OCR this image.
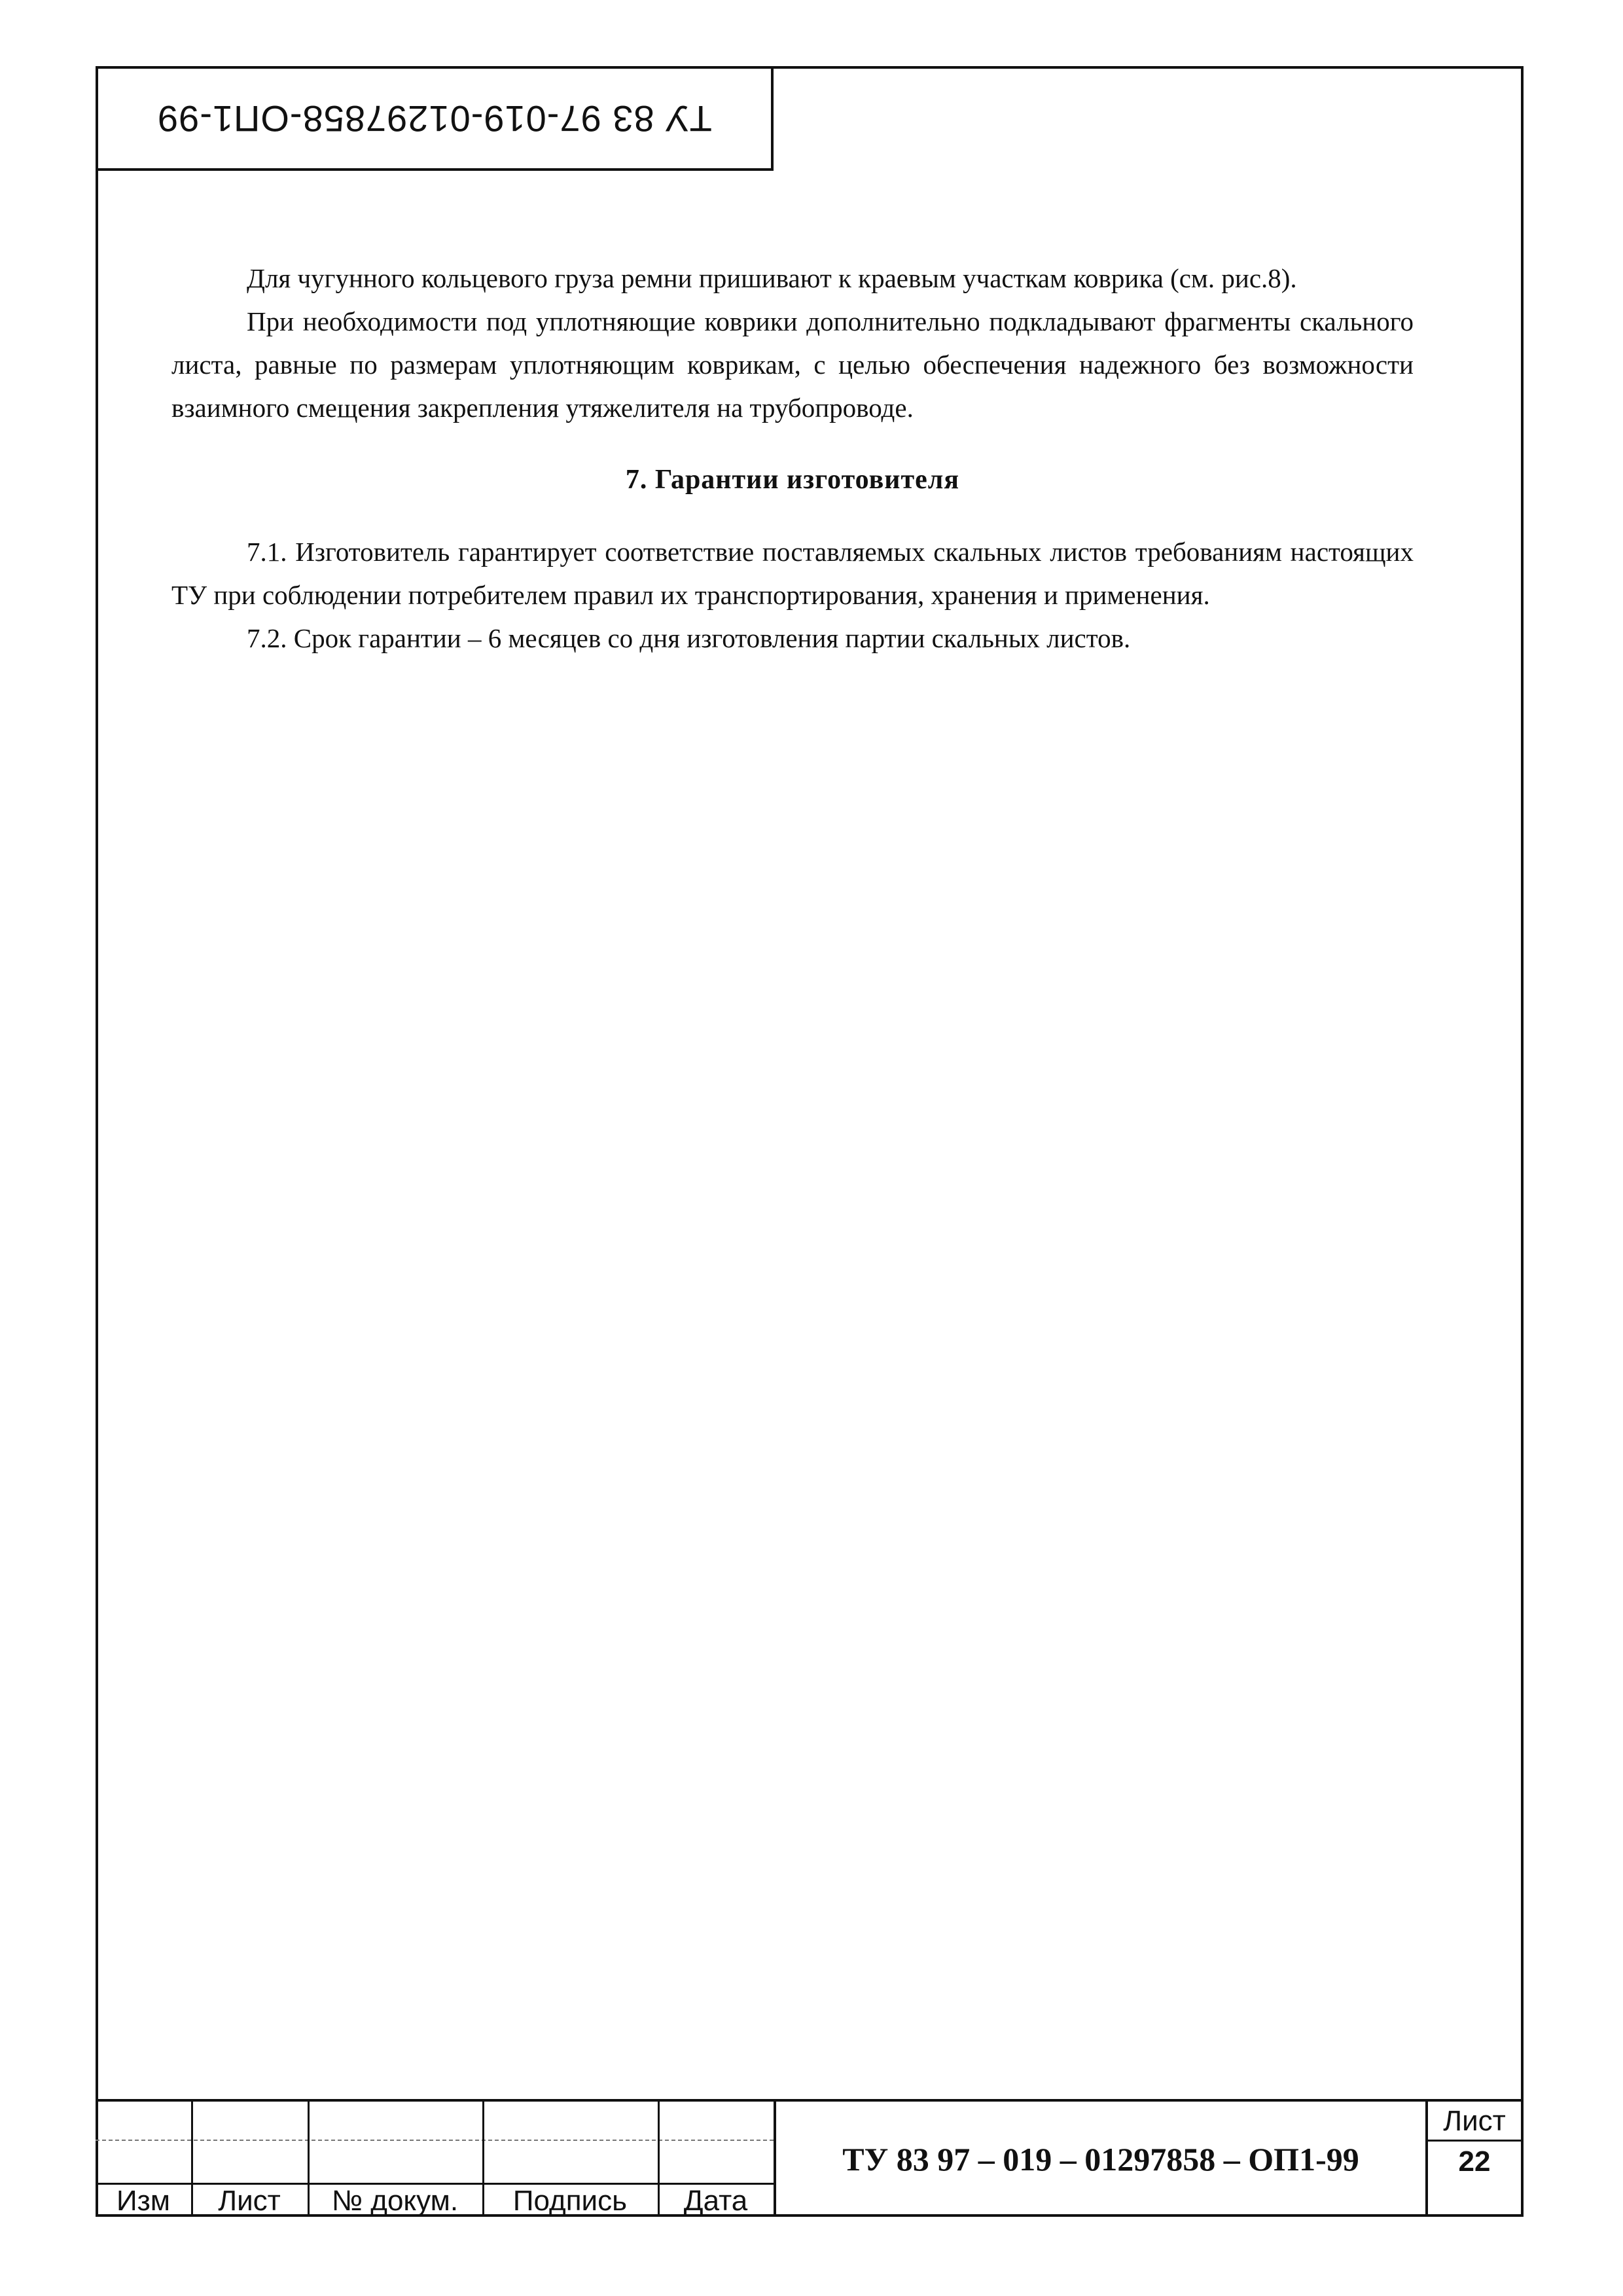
ТУ 83 97-019-01297858-ОП1-99

Для чугунного кольцевого груза ремни пришивают к краевым участкам коврика (см. рис.8).

При необходимости под уплотняющие коврики дополнительно подкладывают фрагменты скального листа, равные по размерам уплотняющим коврикам, с целью обеспечения надежного без возможности взаимного смещения закрепления утяжелителя на трубопроводе.

7. Гарантии изготовителя

7.1. Изготовитель гарантирует соответствие поставляемых скальных листов требованиям настоящих ТУ при соблюдении потребителем правил их транспортирования, хранения и применения.

7.2. Срок гарантии – 6 месяцев со дня изготовления партии скальных листов.

Изм	Лист	№ докум.	Подпись	Дата
ТУ 83 97 – 019 – 01297858 – ОП1-99
Лист
22
